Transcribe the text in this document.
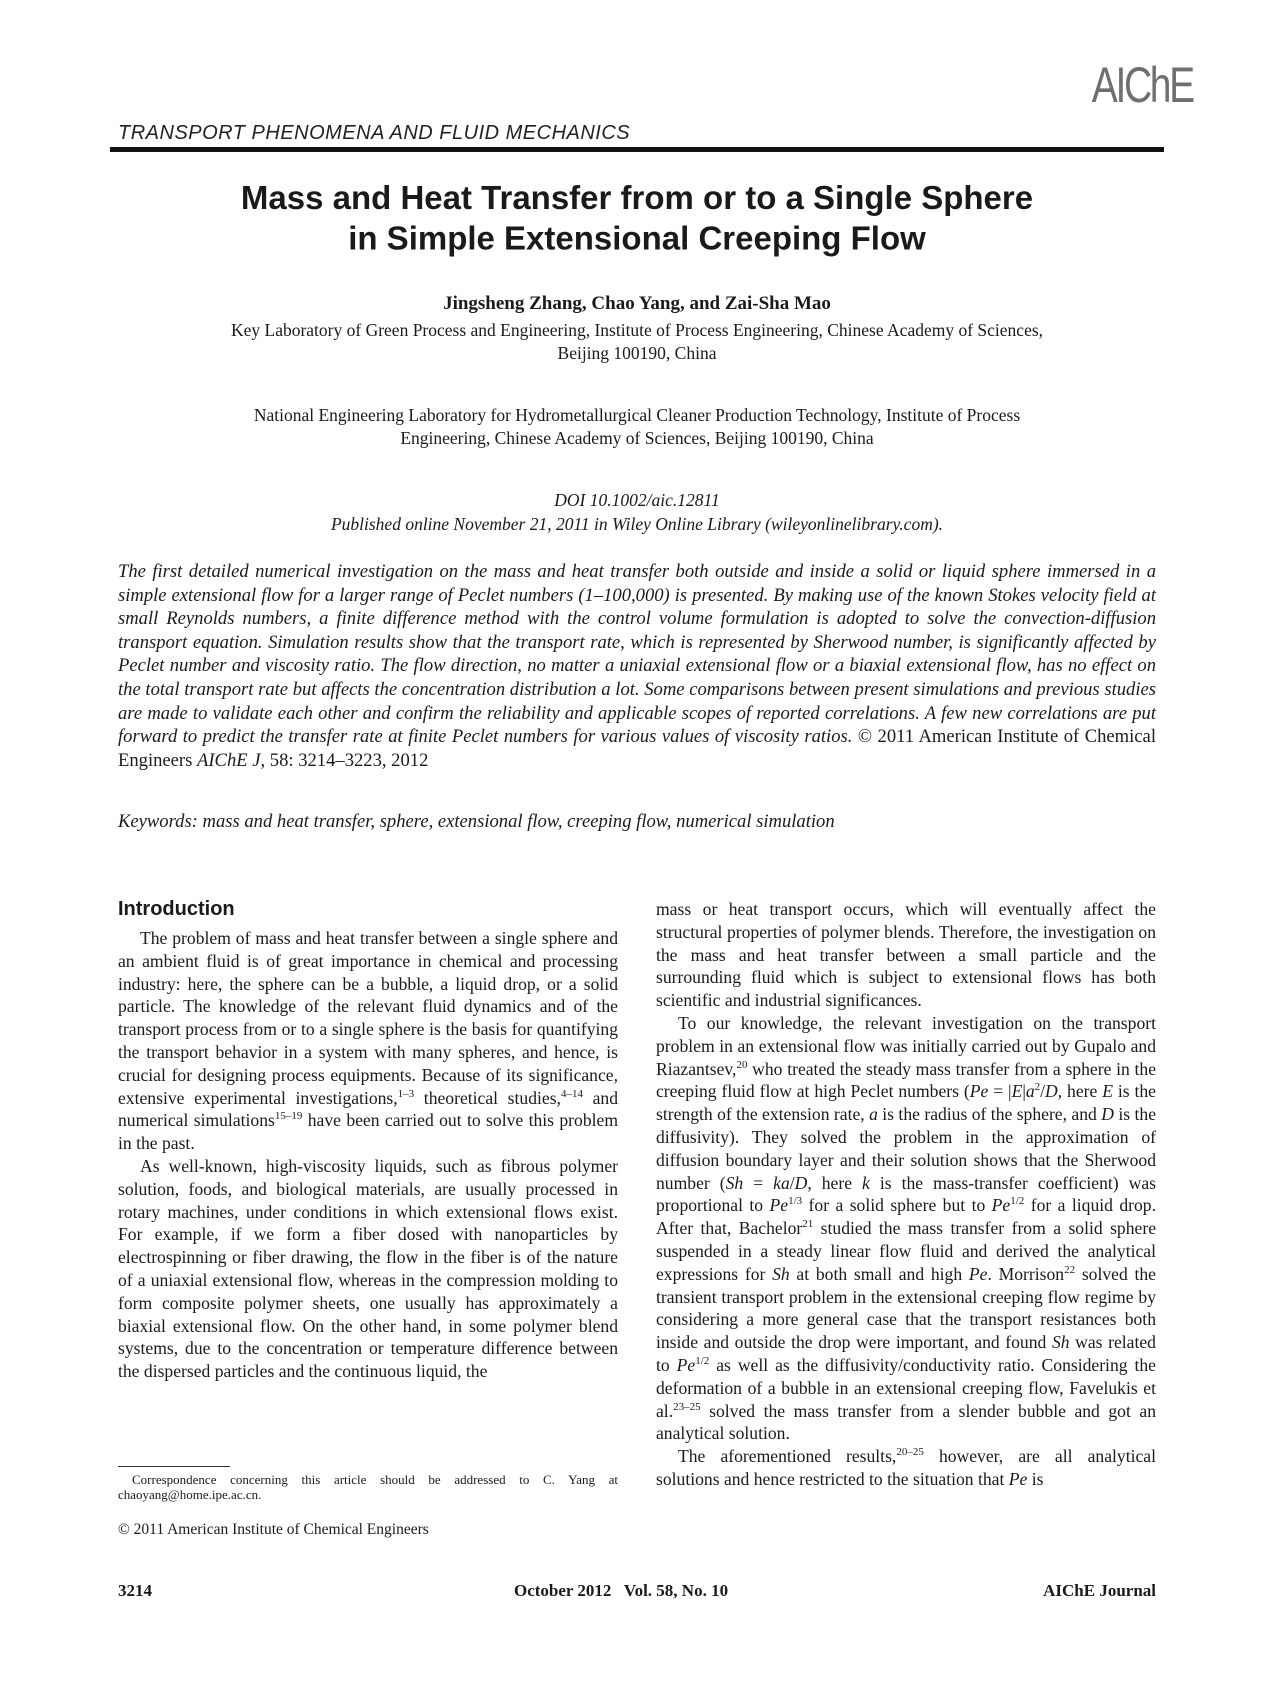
AIChE
TRANSPORT PHENOMENA AND FLUID MECHANICS
Mass and Heat Transfer from or to a Single Sphere
in Simple Extensional Creeping Flow
Jingsheng Zhang, Chao Yang, and Zai-Sha Mao
Key Laboratory of Green Process and Engineering, Institute of Process Engineering, Chinese Academy of Sciences,
Beijing 100190, China
National Engineering Laboratory for Hydrometallurgical Cleaner Production Technology, Institute of Process
Engineering, Chinese Academy of Sciences, Beijing 100190, China
DOI 10.1002/aic.12811
Published online November 21, 2011 in Wiley Online Library (wileyonlinelibrary.com).
The first detailed numerical investigation on the mass and heat transfer both outside and inside a solid or liquid sphere immersed in a simple extensional flow for a larger range of Peclet numbers (1–100,000) is presented. By making use of the known Stokes velocity field at small Reynolds numbers, a finite difference method with the control volume formulation is adopted to solve the convection-diffusion transport equation. Simulation results show that the transport rate, which is represented by Sherwood number, is significantly affected by Peclet number and viscosity ratio. The flow direction, no matter a uniaxial extensional flow or a biaxial extensional flow, has no effect on the total transport rate but affects the concentration distribution a lot. Some comparisons between present simulations and previous studies are made to validate each other and confirm the reliability and applicable scopes of reported correlations. A few new correlations are put forward to predict the transfer rate at finite Peclet numbers for various values of viscosity ratios. © 2011 American Institute of Chemical Engineers AIChE J, 58: 3214–3223, 2012
Keywords: mass and heat transfer, sphere, extensional flow, creeping flow, numerical simulation
Introduction

The problem of mass and heat transfer between a single sphere and an ambient fluid is of great importance in chemical and processing industry: here, the sphere can be a bubble, a liquid drop, or a solid particle. The knowledge of the relevant fluid dynamics and of the transport process from or to a single sphere is the basis for quantifying the transport behavior in a system with many spheres, and hence, is crucial for designing process equipments. Because of its significance, extensive experimental investigations,$^{1-3}$ theoretical studies,$^{4-14}$ and numerical simulations$^{15-19}$ have been carried out to solve this problem in the past.

As well-known, high-viscosity liquids, such as fibrous polymer solution, foods, and biological materials, are usually processed in rotary machines, under conditions in which extensional flows exist. For example, if we form a fiber dosed with nanoparticles by electrospinning or fiber drawing, the flow in the fiber is of the nature of a uniaxial extensional flow, whereas in the compression molding to form composite polymer sheets, one usually has approximately a biaxial extensional flow. On the other hand, in some polymer blend systems, due to the concentration or temperature difference between the dispersed particles and the continuous liquid, the

mass or heat transport occurs, which will eventually affect the structural properties of polymer blends. Therefore, the investigation on the mass and heat transfer between a small particle and the surrounding fluid which is subject to extensional flows has both scientific and industrial significances.

To our knowledge, the relevant investigation on the transport problem in an extensional flow was initially carried out by Gupalo and Riazantsev,$^{20}$ who treated the steady mass transfer from a sphere in the creeping fluid flow at high Peclet numbers ($Pe = |E|a^2/D$, here E is the strength of the extension rate, a is the radius of the sphere, and D is the diffusivity). They solved the problem in the approximation of diffusion boundary layer and their solution shows that the Sherwood number (Sh = ka/D, here k is the mass-transfer coefficient) was proportional to $Pe^{1/3}$ for a solid sphere but to $Pe^{1/2}$ for a liquid drop. After that, Bachelor$^{21}$ studied the mass transfer from a solid sphere suspended in a steady linear flow fluid and derived the analytical expressions for Sh at both small and high Pe. Morrison$^{22}$ solved the transient transport problem in the extensional creeping flow regime by considering a more general case that the transport resistances both inside and outside the drop were important, and found Sh was related to $Pe^{1/2}$ as well as the diffusivity/conductivity ratio. Considering the deformation of a bubble in an extensional creeping flow, Favelukis et al.$^{23-25}$ solved the mass transfer from a slender bubble and got an analytical solution.

The aforementioned results,$^{20-25}$ however, are all analytical solutions and hence restricted to the situation that Pe is

Correspondence concerning this article should be addressed to C. Yang at chaoyang@home.ipe.ac.cn.
© 2011 American Institute of Chemical Engineers
3214	October 2012   Vol. 58, No. 10	AIChE Journal
